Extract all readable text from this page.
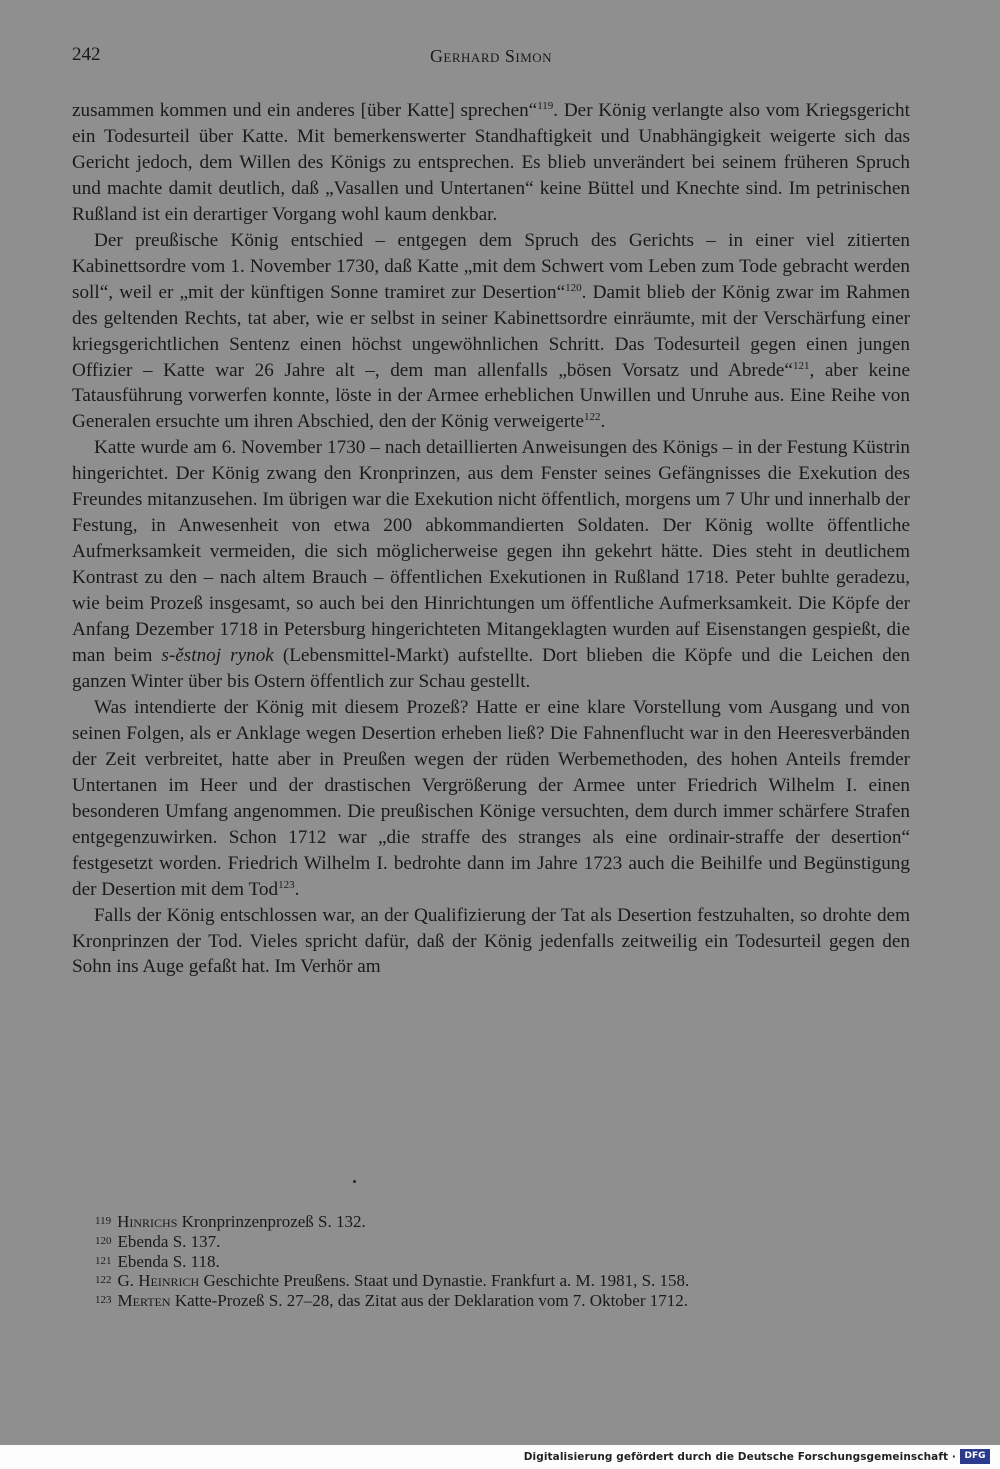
242	Gerhard Simon

zusammen kommen und ein anderes [über Katte] sprechen“$^{119}$. Der König verlangte also vom Kriegsgericht ein Todesurteil über Katte. Mit bemerkenswerter Standhaftigkeit und Unabhängigkeit weigerte sich das Gericht jedoch, dem Willen des Königs zu entsprechen. Es blieb unverändert bei seinem früheren Spruch und machte damit deutlich, daß „Vasallen und Untertanen“ keine Büttel und Knechte sind. Im petrinischen Rußland ist ein derartiger Vorgang wohl kaum denkbar.

Der preußische König entschied – entgegen dem Spruch des Gerichts – in einer viel zitierten Kabinettsordre vom 1. November 1730, daß Katte „mit dem Schwert vom Leben zum Tode gebracht werden soll“, weil er „mit der künftigen Sonne tramiret zur Desertion“$^{120}$. Damit blieb der König zwar im Rahmen des geltenden Rechts, tat aber, wie er selbst in seiner Kabinettsordre einräumte, mit der Verschärfung einer kriegsgerichtlichen Sentenz einen höchst ungewöhnlichen Schritt. Das Todesurteil gegen einen jungen Offizier – Katte war 26 Jahre alt –, dem man allenfalls „bösen Vorsatz und Abrede“$^{121}$, aber keine Tatausführung vorwerfen konnte, löste in der Armee erheblichen Unwillen und Unruhe aus. Eine Reihe von Generalen ersuchte um ihren Abschied, den der König verweigerte$^{122}$.

Katte wurde am 6. November 1730 – nach detaillierten Anweisungen des Königs – in der Festung Küstrin hingerichtet. Der König zwang den Kronprinzen, aus dem Fenster seines Gefängnisses die Exekution des Freundes mitanzusehen. Im übrigen war die Exekution nicht öffentlich, morgens um 7 Uhr und innerhalb der Festung, in Anwesenheit von etwa 200 abkommandierten Soldaten. Der König wollte öffentliche Aufmerksamkeit vermeiden, die sich möglicherweise gegen ihn gekehrt hätte. Dies steht in deutlichem Kontrast zu den – nach altem Brauch – öffentlichen Exekutionen in Rußland 1718. Peter buhlte geradezu, wie beim Prozeß insgesamt, so auch bei den Hinrichtungen um öffentliche Aufmerksamkeit. Die Köpfe der Anfang Dezember 1718 in Petersburg hingerichteten Mitangeklagten wurden auf Eisenstangen gespießt, die man beim s-ěstnoj rynok (Lebensmittel-Markt) aufstellte. Dort blieben die Köpfe und die Leichen den ganzen Winter über bis Ostern öffentlich zur Schau gestellt.

Was intendierte der König mit diesem Prozeß? Hatte er eine klare Vorstellung vom Ausgang und von seinen Folgen, als er Anklage wegen Desertion erheben ließ? Die Fahnenflucht war in den Heeresverbänden der Zeit verbreitet, hatte aber in Preußen wegen der rüden Werbemethoden, des hohen Anteils fremder Untertanen im Heer und der drastischen Vergrößerung der Armee unter Friedrich Wilhelm I. einen besonderen Umfang angenommen. Die preußischen Könige versuchten, dem durch immer schärfere Strafen entgegenzuwirken. Schon 1712 war „die straffe des stranges als eine ordinair-straffe der desertion“ festgesetzt worden. Friedrich Wilhelm I. bedrohte dann im Jahre 1723 auch die Beihilfe und Begünstigung der Desertion mit dem Tod$^{123}$.

Falls der König entschlossen war, an der Qualifizierung der Tat als Desertion festzuhalten, so drohte dem Kronprinzen der Tod. Vieles spricht dafür, daß der König jedenfalls zeitweilig ein Todesurteil gegen den Sohn ins Auge gefaßt hat. Im Verhör am

119 Hinrichs Kronprinzenprozeß S. 132.
120 Ebenda S. 137.
121 Ebenda S. 118.
122 G. Heinrich Geschichte Preußens. Staat und Dynastie. Frankfurt a. M. 1981, S. 158.
123 Merten Katte-Prozeß S. 27–28, das Zitat aus der Deklaration vom 7. Oktober 1712.
Digitalisierung gefördert durch die Deutsche Forschungsgemeinschaft · DFG
